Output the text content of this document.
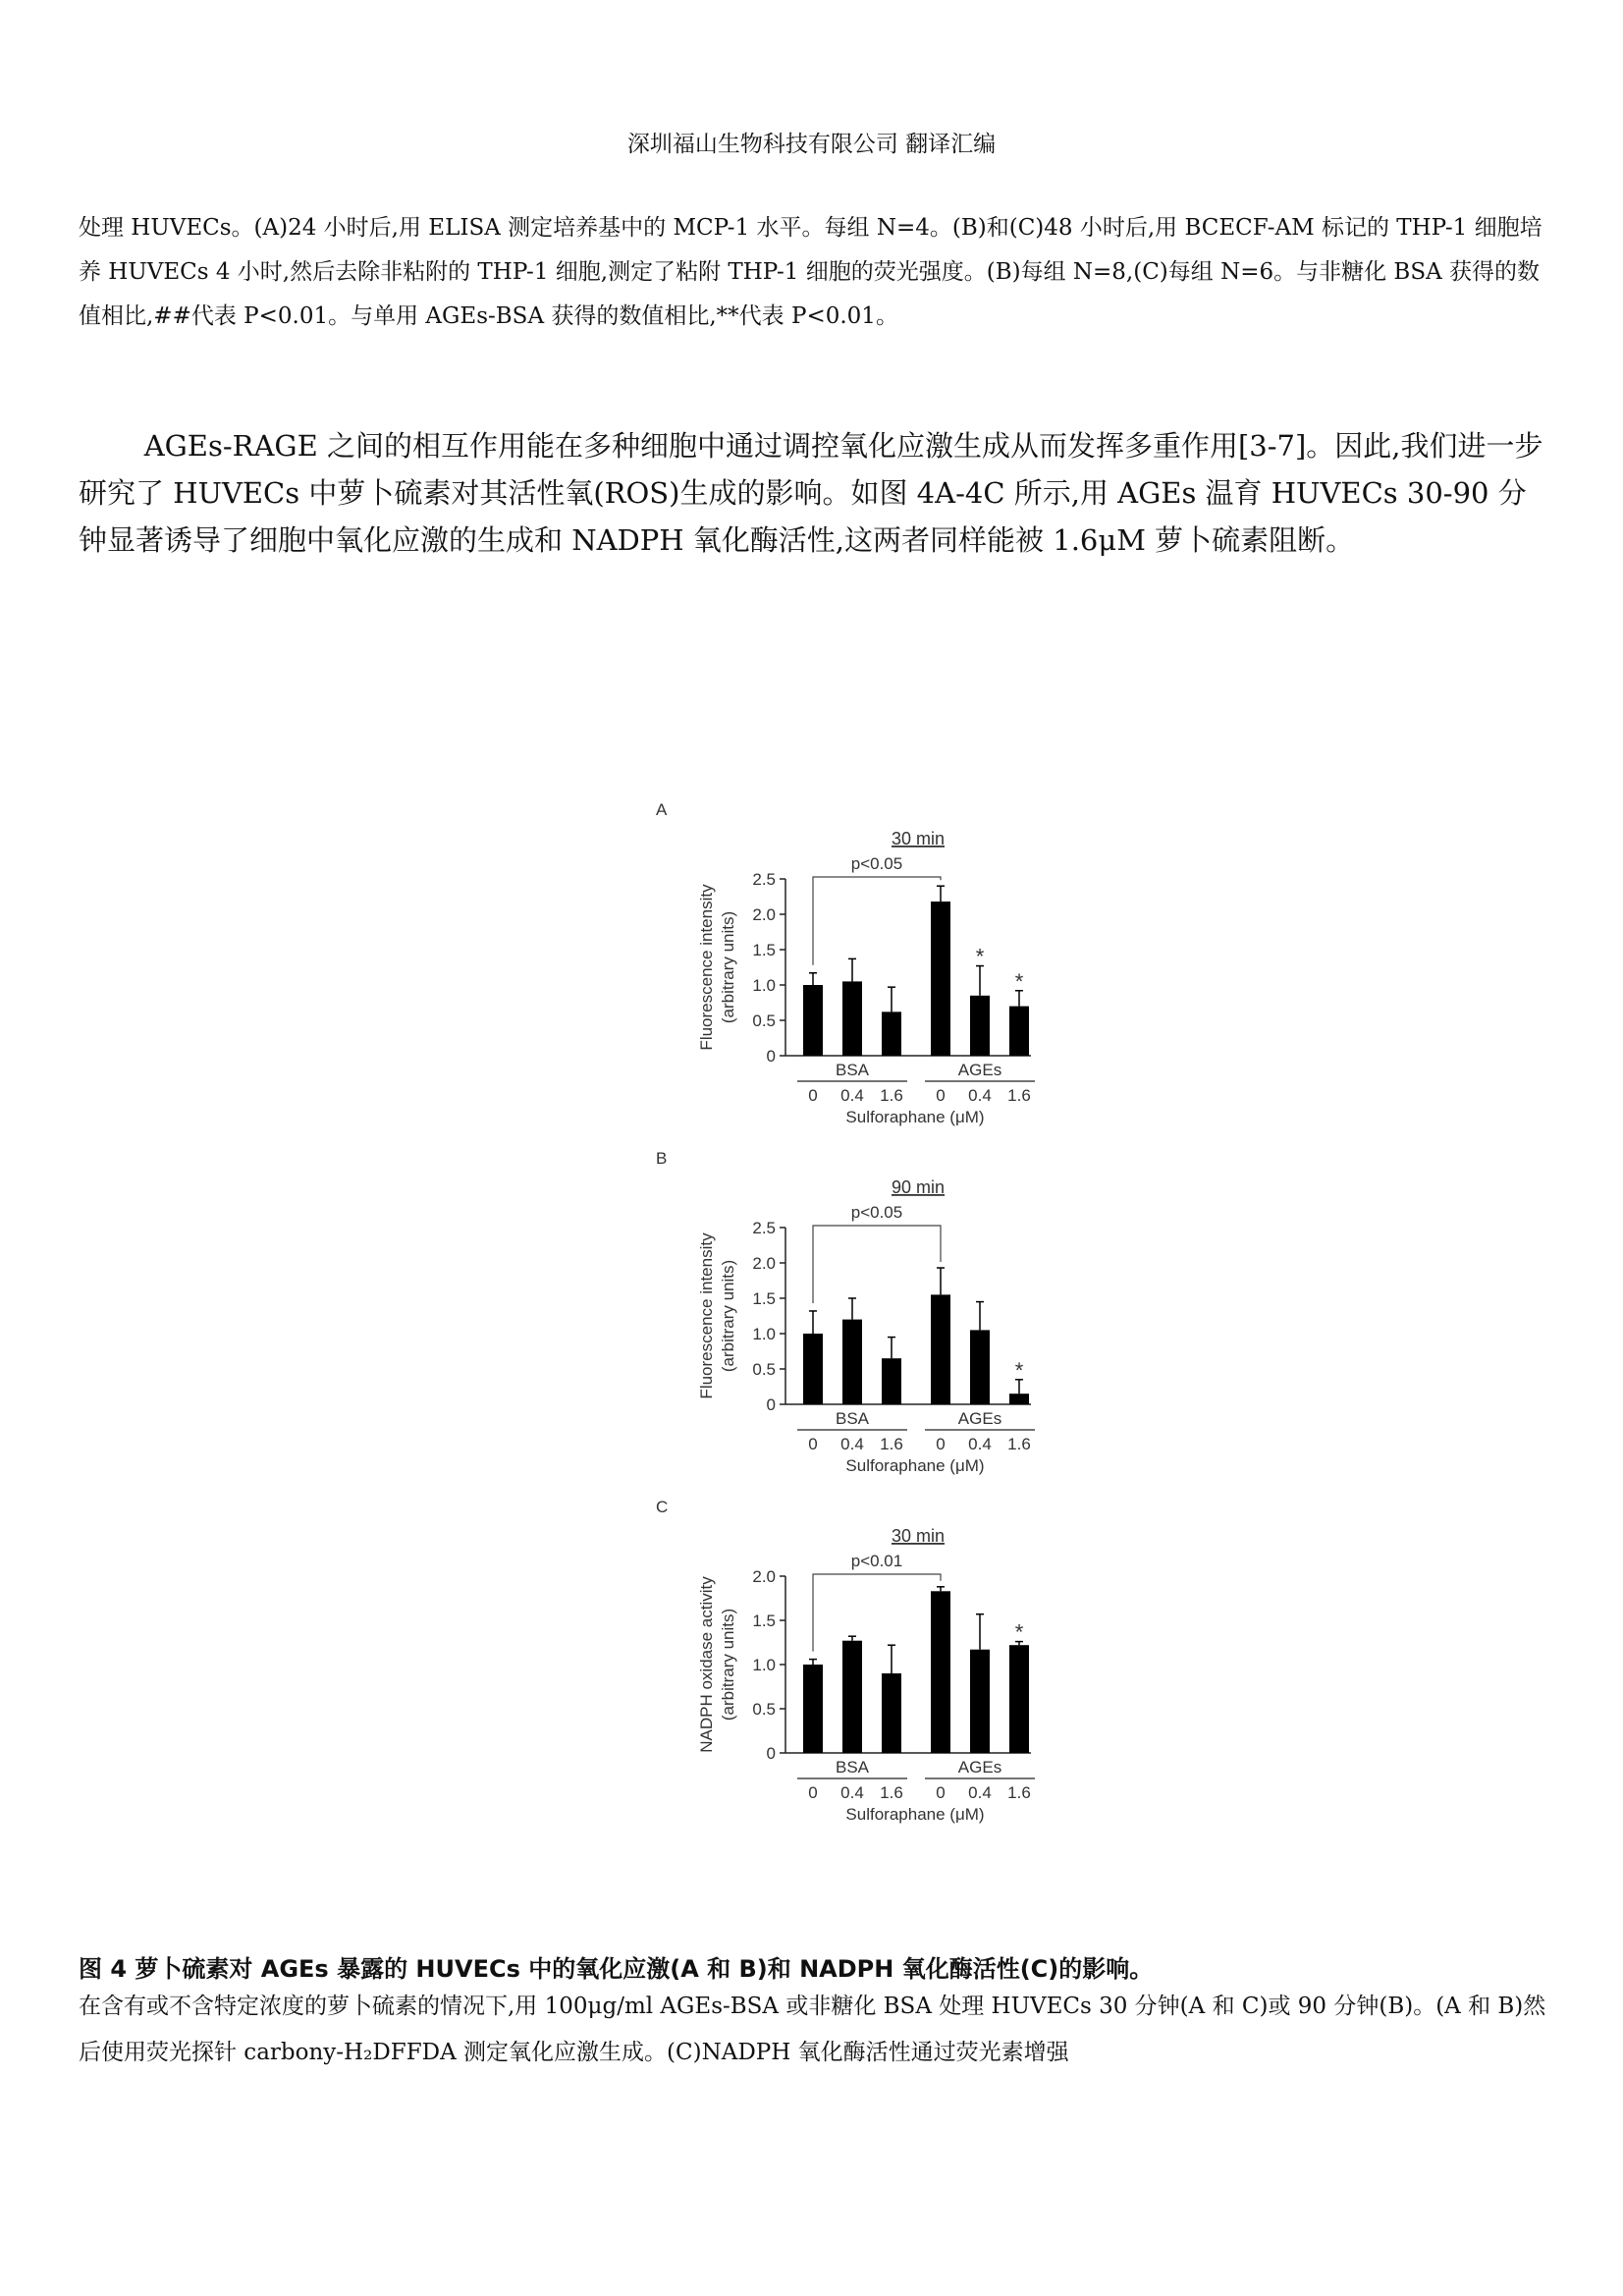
深圳福山生物科技有限公司 翻译汇编
处理 HUVECs。(A)24 小时后,用 ELISA 测定培养基中的 MCP-1 水平。每组 N=4。(B)和(C)48 小时后,用 BCECF-AM 标记的 THP-1 细胞培养 HUVECs 4 小时,然后去除非粘附的 THP-1 细胞,测定了粘附 THP-1 细胞的荧光强度。(B)每组 N=8,(C)每组 N=6。与非糖化 BSA 获得的数值相比,##代表 P<0.01。与单用 AGEs-BSA 获得的数值相比,**代表 P<0.01。
AGEs-RAGE 之间的相互作用能在多种细胞中通过调控氧化应激生成从而发挥多重作用[3-7]。因此,我们进一步研究了 HUVECs 中萝卜硫素对其活性氧(ROS)生成的影响。如图 4A-4C 所示,用 AGEs 温育 HUVECs 30-90 分钟显著诱导了细胞中氧化应激的生成和 NADPH 氧化酶活性,这两者同样能被 1.6μM 萝卜硫素阻断。
A
30 min
0
0.5
1.0
1.5
2.0
2.5
Fluorescence intensity (arbitrary units)	*
*
p<0.05
BSA	AGEs
0 0.4 1.6 0 0.4 1.6
Sulforaphane (μM)
B
90 min
0
0.5
1.0
1.5
2.0
2.5
Fluorescence intensity (arbitrary units)	*
p<0.05
BSA	AGEs
0 0.4 1.6 0 0.4 1.6
Sulforaphane (μM)
C
30 min
0
0.5
1.0
1.5
2.0
NADPH oxidase activity (arbitrary units)	*
p<0.01
BSA	AGEs
0 0.4 1.6 0 0.4 1.6
Sulforaphane (μM)
图 4 萝卜硫素对 AGEs 暴露的 HUVECs 中的氧化应激(A 和 B)和 NADPH 氧化酶活性(C)的影响。
在含有或不含特定浓度的萝卜硫素的情况下,用 100μg/ml AGEs-BSA 或非糖化 BSA 处理 HUVECs 30 分钟(A 和 C)或 90 分钟(B)。(A 和 B)然后使用荧光探针 carbony-H₂DFFDA 测定氧化应激生成。(C)NADPH 氧化酶活性通过荧光素增强
